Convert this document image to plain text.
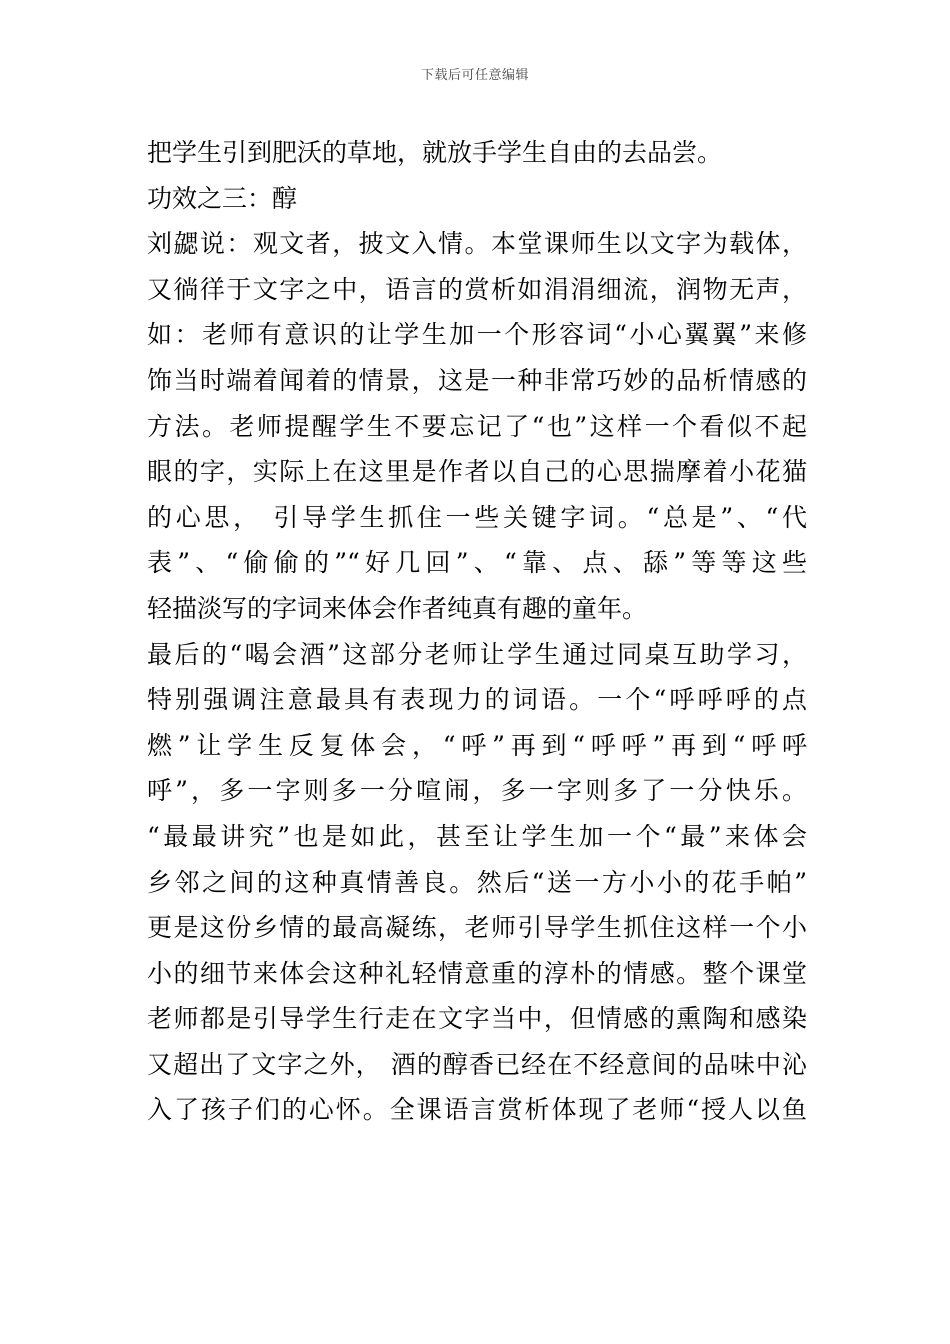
下载后可任意编辑
把学生引到肥沃的草地，就放手学生自由的去品尝。
功效之三：醇
刘勰说：观文者，披文入情。本堂课师生以文字为载体，
又徜徉于文字之中，语言的赏析如涓涓细流，润物无声，
如：老师有意识的让学生加一个形容词“小心翼翼”来修
饰当时端着闻着的情景，这是一种非常巧妙的品析情感的
方法。老师提醒学生不要忘记了“也”这样一个看似不起
眼的字，实际上在这里是作者以自己的心思揣摩着小花猫
的心思， 引导学生抓住一些关键字词。“总是”、“代
表”、“偷偷的”“好几回”、“靠、点、舔”等等这些
轻描淡写的字词来体会作者纯真有趣的童年。
最后的“喝会酒”这部分老师让学生通过同桌互助学习，
特别强调注意最具有表现力的词语。一个“呼呼呼的点
燃”让学生反复体会，“呼”再到“呼呼”再到“呼呼
呼”，多一字则多一分喧闹，多一字则多了一分快乐。
“最最讲究”也是如此，甚至让学生加一个“最”来体会
乡邻之间的这种真情善良。然后“送一方小小的花手帕”
更是这份乡情的最高凝练，老师引导学生抓住这样一个小
小的细节来体会这种礼轻情意重的淳朴的情感。整个课堂
老师都是引导学生行走在文字当中，但情感的熏陶和感染
又超出了文字之外， 酒的醇香已经在不经意间的品味中沁
入了孩子们的心怀。全课语言赏析体现了老师“授人以鱼
